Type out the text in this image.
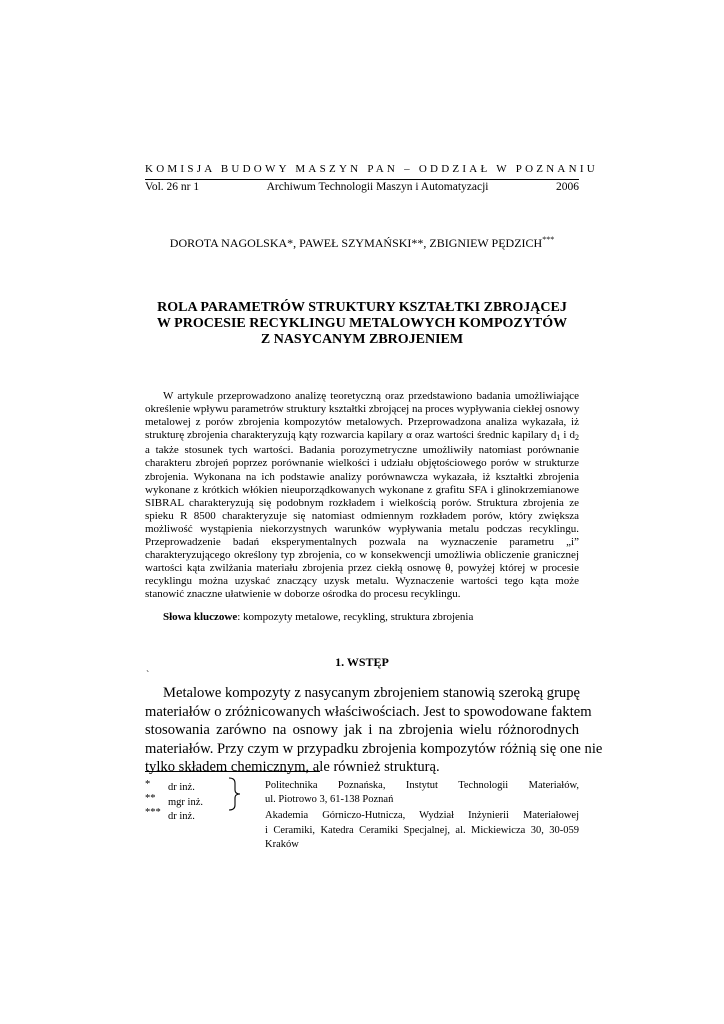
KOMISJA BUDOWY MASZYN PAN – ODDZIAŁ W POZNANIU
Vol. 26 nr 1	Archiwum Technologii Maszyn i Automatyzacji	2006
DOROTA NAGOLSKA*, PAWEŁ SZYMAŃSKI**, ZBIGNIEW PĘDZICH***
ROLA PARAMETRÓW STRUKTURY KSZTAŁTKI ZBROJĄCEJ
W PROCESIE RECYKLINGU METALOWYCH KOMPOZYTÓW
Z NASYCANYM ZBROJENIEM
W artykule przeprowadzono analizę teoretyczną oraz przedstawiono badania umożliwiające
określenie wpływu parametrów struktury kształtki zbrojącej na proces wypływania ciekłej osnowy
metalowej z porów zbrojenia kompozytów metalowych. Przeprowadzona analiza wykazała, iż
strukturę zbrojenia charakteryzują kąty rozwarcia kapilary α oraz wartości średnic kapilary $d_1$ i $d_2$
a także stosunek tych wartości. Badania porozymetryczne umożliwiły natomiast porównanie
charakteru zbrojeń poprzez porównanie wielkości i udziału objętościowego porów w strukturze
zbrojenia. Wykonana na ich podstawie analizy porównawcza wykazała, iż kształtki zbrojenia
wykonane z krótkich włókien nieuporządkowanych wykonane z grafitu SFA i glinokrzemianowe
SIBRAL charakteryzują się podobnym rozkładem i wielkością porów. Struktura zbrojenia ze
spieku R 8500 charakteryzuje się natomiast odmiennym rozkładem porów, który zwiększa
możliwość wystąpienia niekorzystnych warunków wypływania metalu podczas recyklingu.
Przeprowadzenie badań eksperymentalnych pozwala na wyznaczenie parametru „i”
charakteryzującego określony typ zbrojenia, co w konsekwencji umożliwia obliczenie granicznej
wartości kąta zwilżania materiału zbrojenia przez ciekłą osnowę θ, powyżej której w procesie
recyklingu można uzyskać znaczący uzysk metalu. Wyznaczenie wartości tego kąta może
stanowić znaczne ułatwienie w doborze ośrodka do procesu recyklingu.
Słowa kluczowe: kompozyty metalowe, recykling, struktura zbrojenia
1. WSTĘP
`
Metalowe kompozyty z nasycanym zbrojeniem stanowią szeroką grupę
materiałów o zróżnicowanych właściwościach. Jest to spowodowane faktem
stosowania zarówno na osnowy jak i na zbrojenia wielu różnorodnych
materiałów. Przy czym w przypadku zbrojenia kompozytów różnią się one nie
tylko składem chemicznym, ale również strukturą.
*
**
***
dr inż.
mgr inż.
dr inż.
Politechnika Poznańska, Instytut Technologii Materiałów,
ul. Piotrowo 3, 61-138 Poznań
Akademia Górniczo-Hutnicza, Wydział Inżynierii Materiałowej
i Ceramiki, Katedra Ceramiki Specjalnej, al. Mickiewicza 30, 30-059
Kraków
